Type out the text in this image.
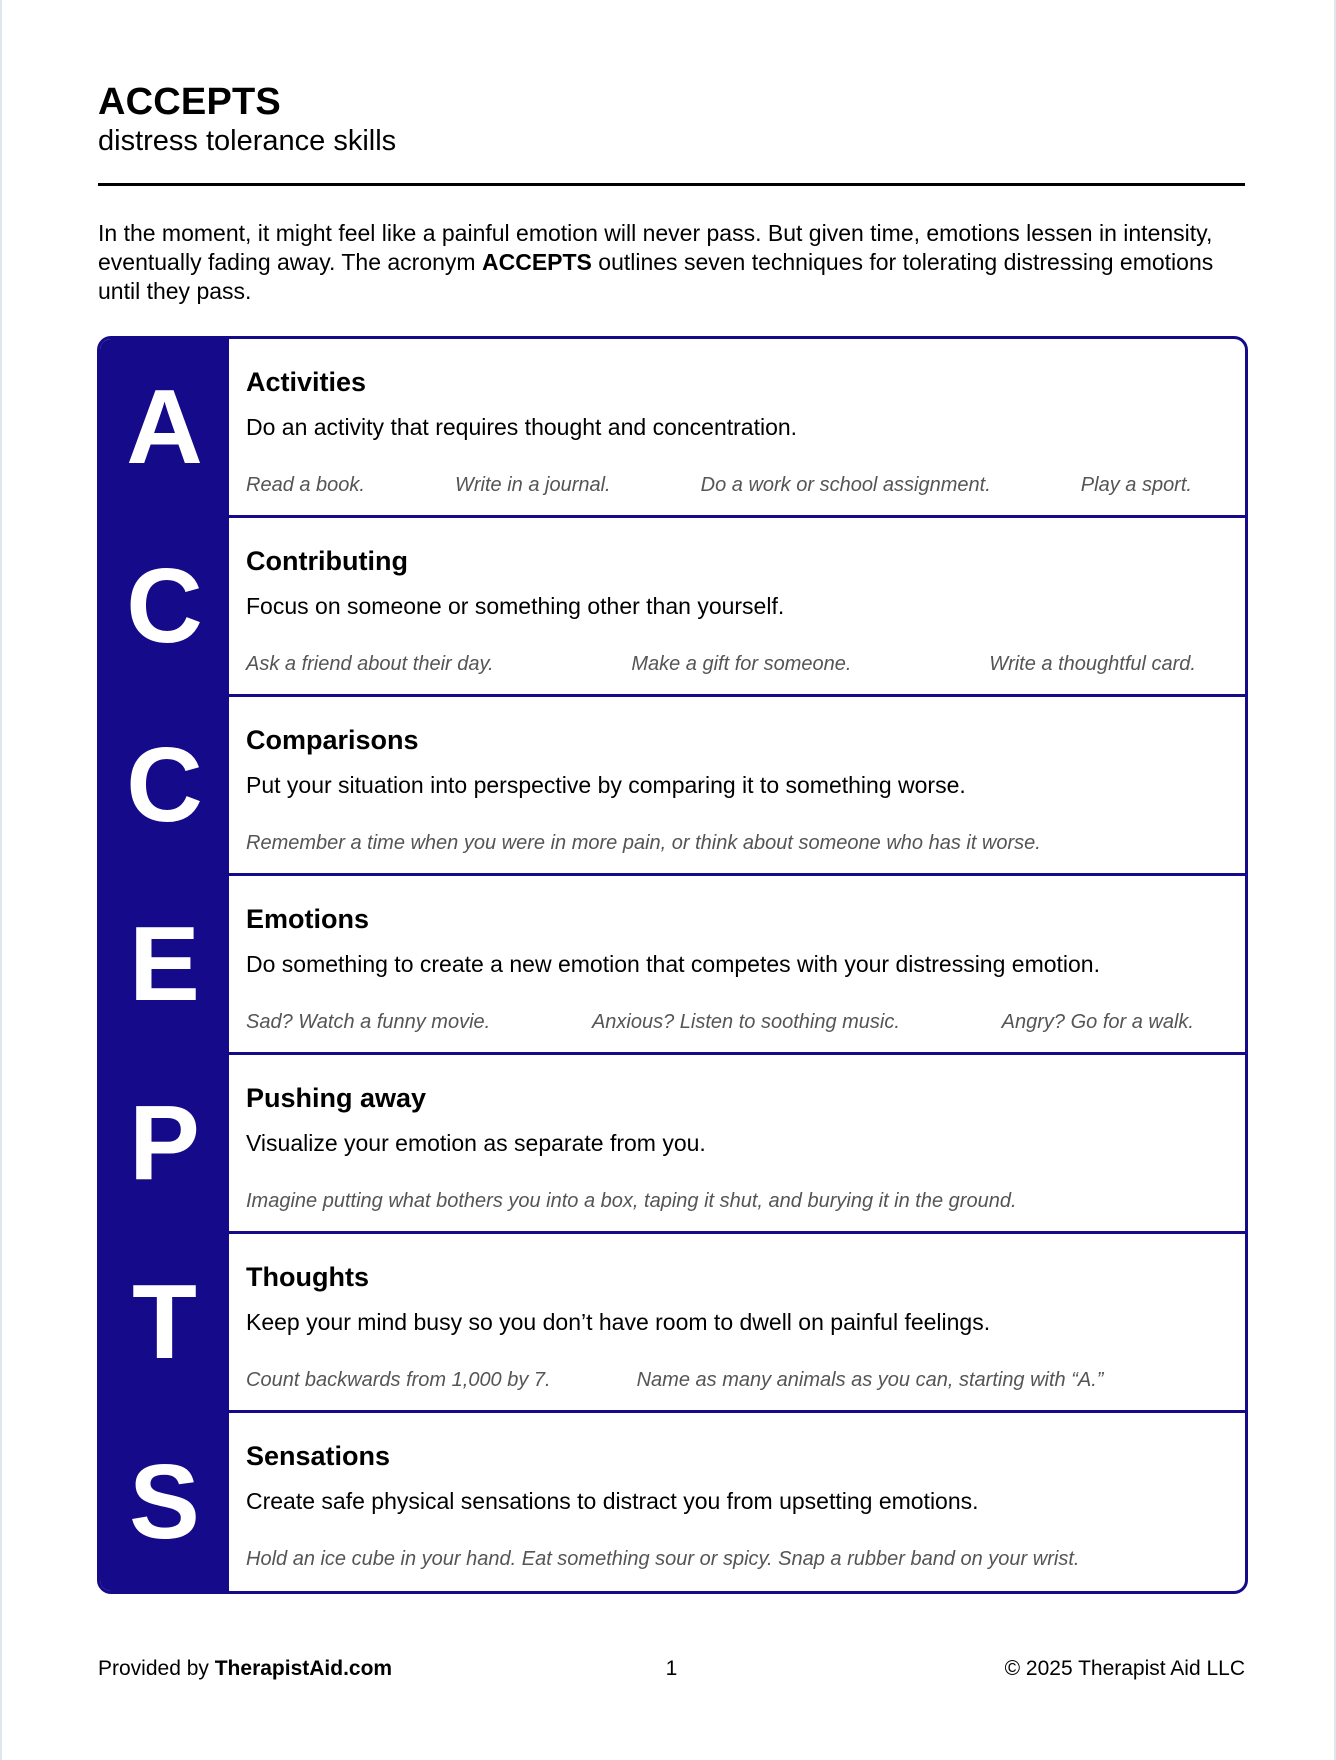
ACCEPTS

distress tolerance skills

In the moment, it might feel like a painful emotion will never pass. But given time, emotions lessen in intensity, eventually fading away. The acronym ACCEPTS outlines seven techniques for tolerating distressing emotions until they pass.

A Activities
Do an activity that requires thought and concentration.
Read a book.	Write in a journal.	Do a work or school assignment.	Play a sport.
C Contributing
Focus on someone or something other than yourself.
Ask a friend about their day.	Make a gift for someone.	Write a thoughtful card.
C Comparisons
Put your situation into perspective by comparing it to something worse.
Remember a time when you were in more pain, or think about someone who has it worse.
E Emotions
Do something to create a new emotion that competes with your distressing emotion.
Sad? Watch a funny movie.	Anxious? Listen to soothing music.	Angry? Go for a walk.
P Pushing away
Visualize your emotion as separate from you.
Imagine putting what bothers you into a box, taping it shut, and burying it in the ground.
T Thoughts
Keep your mind busy so you don’t have room to dwell on painful feelings.
Count backwards from 1,000 by 7.	Name as many animals as you can, starting with “A.”
S Sensations
Create safe physical sensations to distract you from upsetting emotions.
Hold an ice cube in your hand. Eat something sour or spicy. Snap a rubber band on your wrist.
Provided by TherapistAid.com	1	© 2025 Therapist Aid LLC
